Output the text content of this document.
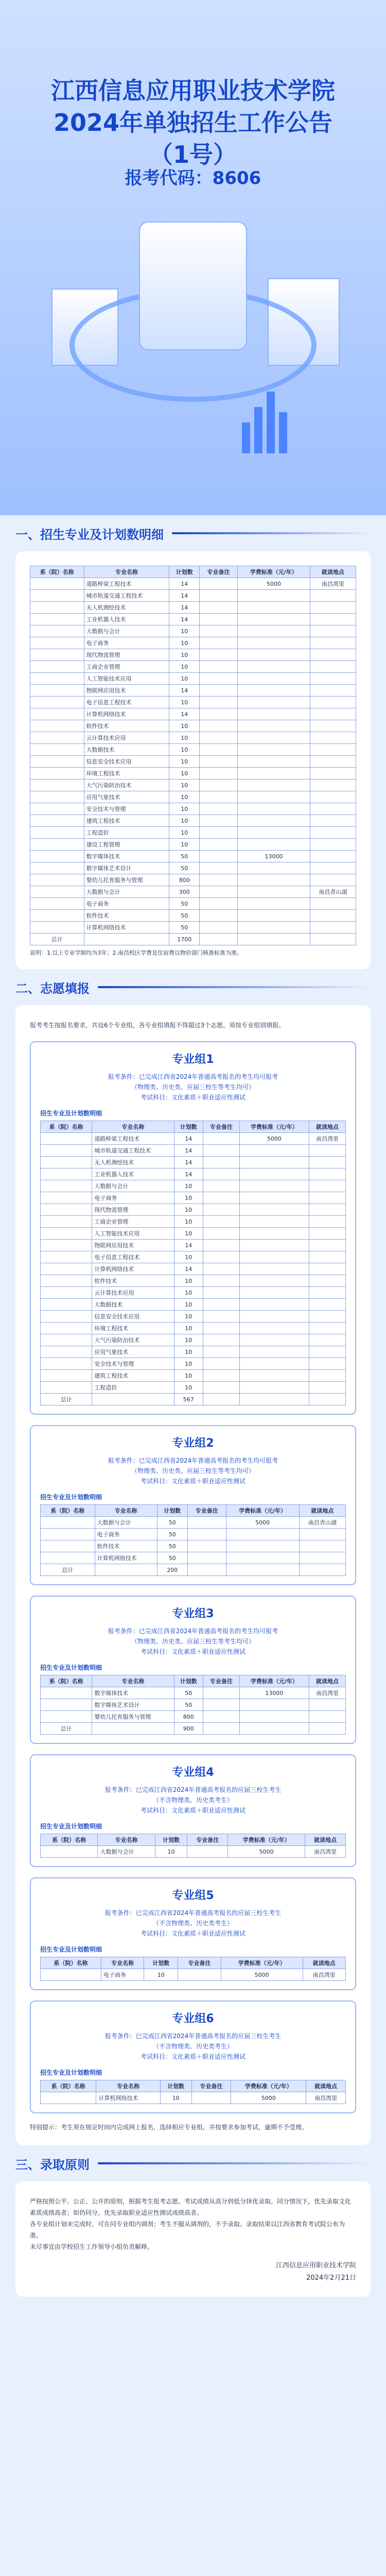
江西信息应用职业技术学院
2024年单独招生工作公告
（1号）
报考代码：8606
一、招生专业及计划数明细
系（院）名称	专业名称	计划数	专业备注	学费标准（元/年）	就读地点
	道路桥梁工程技术	14		5000	南昌湾里
	城市轨道交通工程技术	14			
	无人机测绘技术	14			
	工业机器人技术	14			
	大数据与会计	10			
	电子商务	10			
	现代物流管理	10			
	工商企业管理	10			
	人工智能技术应用	10			
	物联网应用技术	14			
	电子信息工程技术	10			
	计算机网络技术	14			
	软件技术	10			
	云计算技术应用	10			
	大数据技术	10			
	信息安全技术应用	10			
	环境工程技术	10			
	大气污染防治技术	10			
	应用气象技术	10			
	安全技术与管理	10			
	建筑工程技术	10			
	工程造价	10			
	建设工程管理	10			
	数字媒体技术	50		13000	
	数字媒体艺术设计	50			
	婴幼儿托育服务与管理	800			
	大数据与会计	300			南昌青山湖
	电子商务	50			
	软件技术	50			
	计算机网络技术	50			
总计		1700			
说明：1.以上专业学制均为3年；2.南昌校区学费及住宿费以物价部门核准标准为准。
二、志愿填报
报考考生按报名要求，共设6个专业组，各专业组填报不得超过3个志愿，须按专业组别填报。
专业组1
报考条件：已完成江西省2024年普通高考报名的考生均可报考
（物理类、历史类、应届三校生等考生均可）
考试科目：文化素质＋职业适应性测试
招生专业及计划数明细
系（院）名称	专业名称	计划数	专业备注	学费标准（元/年）	就读地点
	道路桥梁工程技术	14		5000	南昌湾里
	城市轨道交通工程技术	14			
	无人机测绘技术	14			
	工业机器人技术	14			
	大数据与会计	10			
	电子商务	10			
	现代物流管理	10			
	工商企业管理	10			
	人工智能技术应用	10			
	物联网应用技术	14			
	电子信息工程技术	10			
	计算机网络技术	14			
	软件技术	10			
	云计算技术应用	10			
	大数据技术	10			
	信息安全技术应用	10			
	环境工程技术	10			
	大气污染防治技术	10			
	应用气象技术	10			
	安全技术与管理	10			
	建筑工程技术	10			
	工程造价	10			
总计		567			
专业组2
报考条件：已完成江西省2024年普通高考报名的考生均可报考
（物理类、历史类、应届三校生等考生均可）
考试科目：文化素质＋职业适应性测试
招生专业及计划数明细
系（院）名称	专业名称	计划数	专业备注	学费标准（元/年）	就读地点
	大数据与会计	50		5000	南昌青山湖
	电子商务	50			
	软件技术	50			
	计算机网络技术	50			
总计		200			
专业组3
报考条件：已完成江西省2024年普通高考报名的考生均可报考
（物理类、历史类、应届三校生等考生均可）
考试科目：文化素质＋职业适应性测试
招生专业及计划数明细
系（院）名称	专业名称	计划数	专业备注	学费标准（元/年）	就读地点
	数字媒体技术	50		13000	南昌湾里
	数字媒体艺术设计	50			
	婴幼儿托育服务与管理	800			
总计		900			
专业组4
报考条件：已完成江西省2024年普通高考报名的应届三校生考生
（不含物理类、历史类考生）
考试科目：文化素质＋职业适应性测试
招生专业及计划数明细
系（院）名称	专业名称	计划数	专业备注	学费标准（元/年）	就读地点
	大数据与会计	10		5000	南昌湾里
专业组5
报考条件：已完成江西省2024年普通高考报名的应届三校生考生
（不含物理类、历史类考生）
考试科目：文化素质＋职业适应性测试
招生专业及计划数明细
系（院）名称	专业名称	计划数	专业备注	学费标准（元/年）	就读地点
	电子商务	10		5000	南昌湾里
专业组6
报考条件：已完成江西省2024年普通高考报名的应届三校生考生
（不含物理类、历史类考生）
考试科目：文化素质＋职业适应性测试
招生专业及计划数明细
系（院）名称	专业名称	计划数	专业备注	学费标准（元/年）	就读地点
	计算机网络技术	10		5000	南昌湾里
特别提示：考生须在规定时间内完成网上报名，选择相应专业组，并按要求参加考试，逾期不予受理。
三、录取原则
严格按照公平、公正、公开的原则，根据考生报考志愿、考试成绩从高分到低分择优录取。同分情况下，优先录取文化素质成绩高者；如仍同分，优先录取职业适应性测试成绩高者。
各专业组计划未完成时，可在同专业组内调剂；考生不服从调剂的，不予录取。录取结果以江西省教育考试院公布为准。
未尽事宜由学校招生工作领导小组负责解释。
江西信息应用职业技术学院
2024年2月21日
